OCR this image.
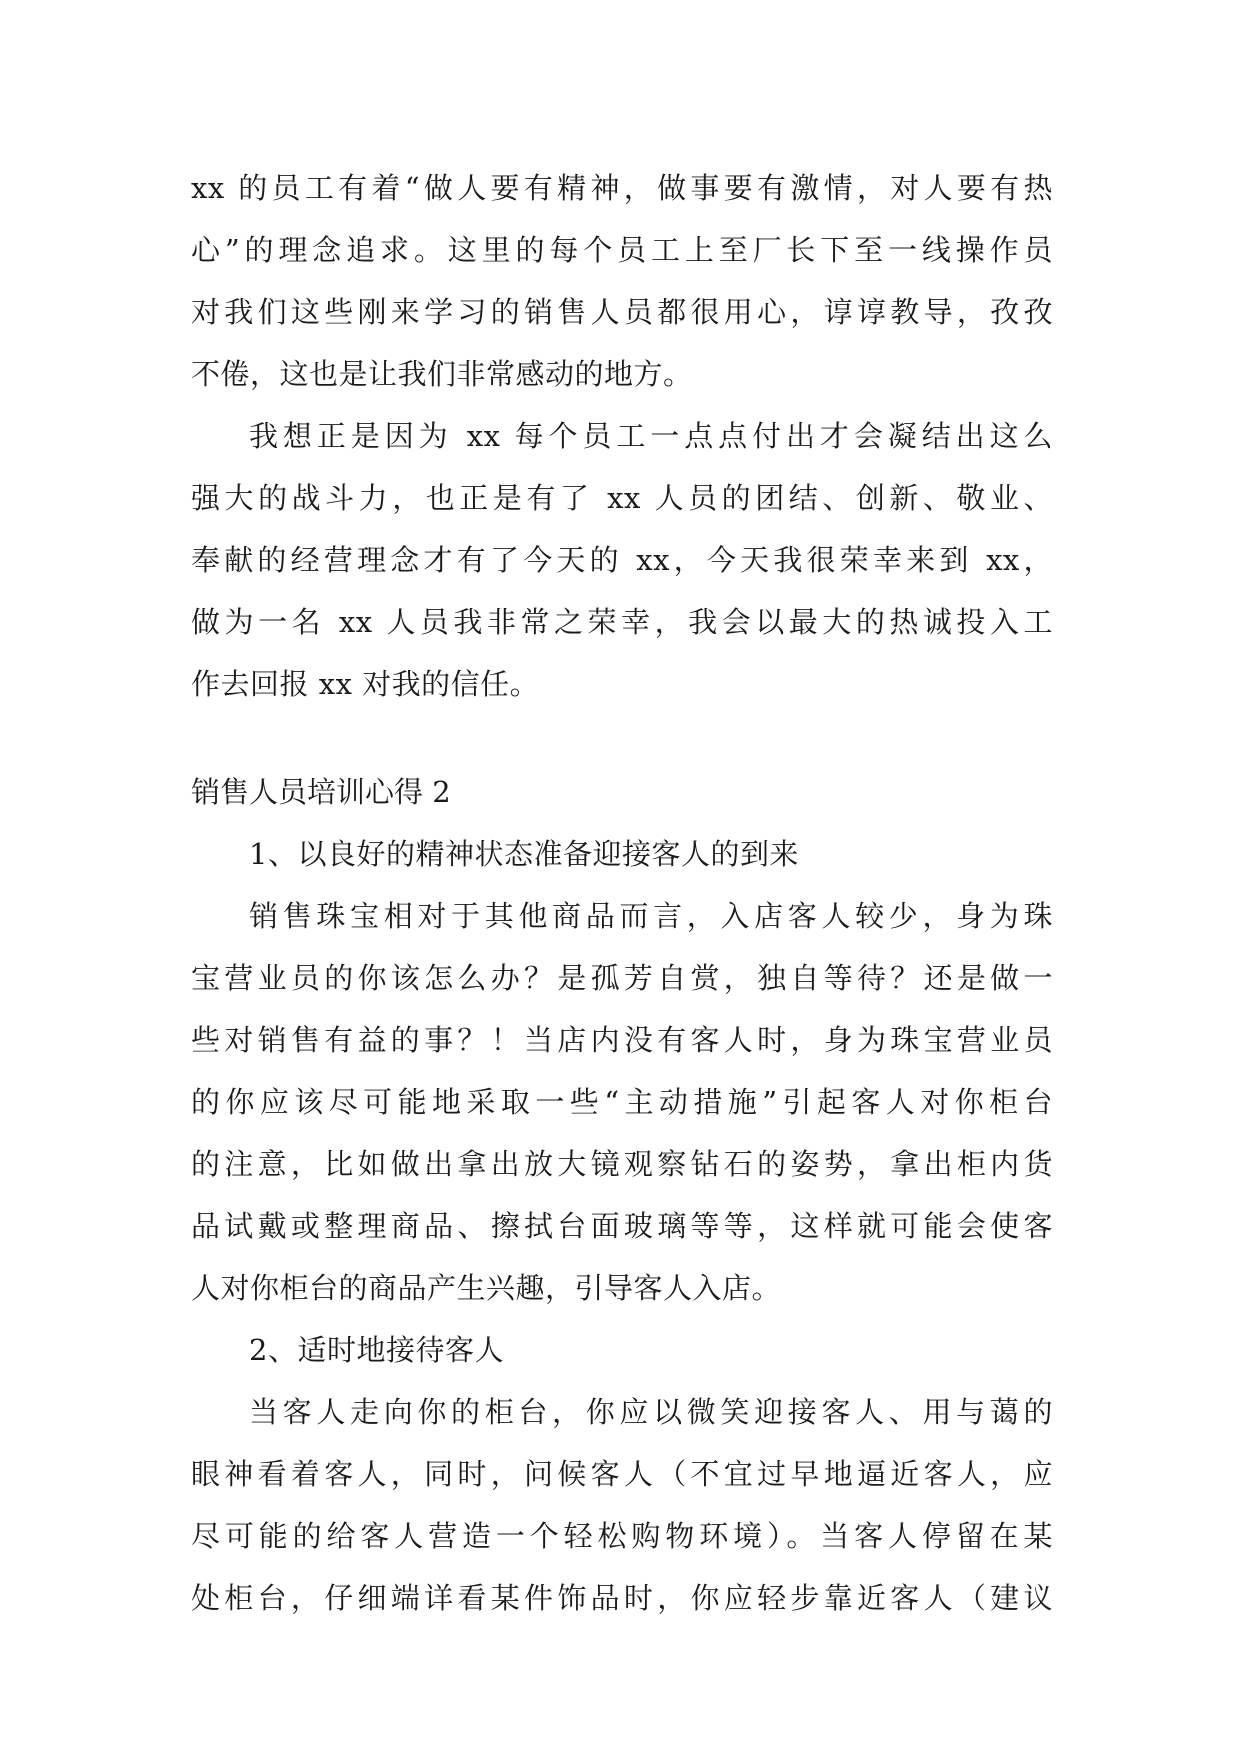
xx 的员工有着“做人要有精神，做事要有激情，对人要有热
心”的理念追求。这里的每个员工上至厂长下至一线操作员
对我们这些刚来学习的销售人员都很用心，谆谆教导，孜孜
不倦，这也是让我们非常感动的地方。
我想正是因为 xx 每个员工一点点付出才会凝结出这么
强大的战斗力，也正是有了 xx 人员的团结、创新、敬业、
奉献的经营理念才有了今天的 xx，今天我很荣幸来到 xx，
做为一名 xx 人员我非常之荣幸，我会以最大的热诚投入工
作去回报 xx 对我的信任。
销售人员培训心得 2
1、以良好的精神状态准备迎接客人的到来
销售珠宝相对于其他商品而言，入店客人较少，身为珠
宝营业员的你该怎么办？是孤芳自赏，独自等待？还是做一
些对销售有益的事？！当店内没有客人时，身为珠宝营业员
的你应该尽可能地采取一些“主动措施”引起客人对你柜台
的注意，比如做出拿出放大镜观察钻石的姿势，拿出柜内货
品试戴或整理商品、擦拭台面玻璃等等，这样就可能会使客
人对你柜台的商品产生兴趣，引导客人入店。
2、适时地接待客人
当客人走向你的柜台，你应以微笑迎接客人、用与蔼的
眼神看着客人，同时，问候客人（不宜过早地逼近客人，应
尽可能的给客人营造一个轻松购物环境）。当客人停留在某
处柜台，仔细端详看某件饰品时，你应轻步靠近客人（建议
